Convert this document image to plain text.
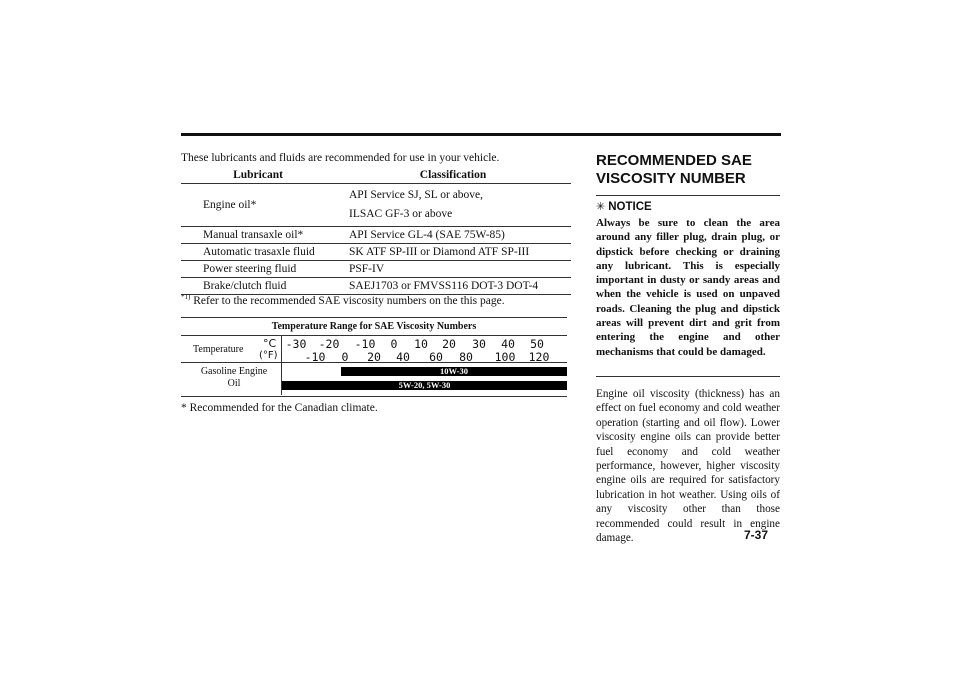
These lubricants and fluids are recommended for use in your vehicle.
Lubricant	Classification
Engine oil*	API Service SJ, SL or above,
ILSAC GF-3 or above

Manual transaxle oil*	API Service GL-4 (SAE 75W-85)
Automatic trasaxle fluid	SK ATF SP-III or Diamond ATF SP-III
Power steering fluid	PSF-IV
Brake/clutch fluid	SAEJ1703 or FMVSS116 DOT-3 DOT-4
$^{*1)}$ Refer to the recommended SAE viscosity numbers on the this page.
Temperature Range for SAE Viscosity Numbers
Temperature °C
(°F)
-30 -20 -10 0 10 20 30 40 50
-10 0 20 40 60 80 100 120
Gasoline Engine Oil
10W-30
5W-20, 5W-30
* Recommended for the Canadian climate.
RECOMMENDED SAE VISCOSITY NUMBER
✳ NOTICE
Always be sure to clean the area around any filler plug, drain plug, or dipstick before checking or draining any lubricant. This is especially important in dusty or sandy areas and when the vehicle is used on unpaved roads. Cleaning the plug and dipstick areas will prevent dirt and grit from entering the engine and other mechanisms that could be damaged.
Engine oil viscosity (thickness) has an effect on fuel economy and cold weather operation (starting and oil flow). Lower viscosity engine oils can provide better fuel economy and cold weather performance, however, higher viscosity engine oils are required for satisfactory lubrication in hot weather. Using oils of any viscosity other than those recommended could result in engine damage.	7-37
